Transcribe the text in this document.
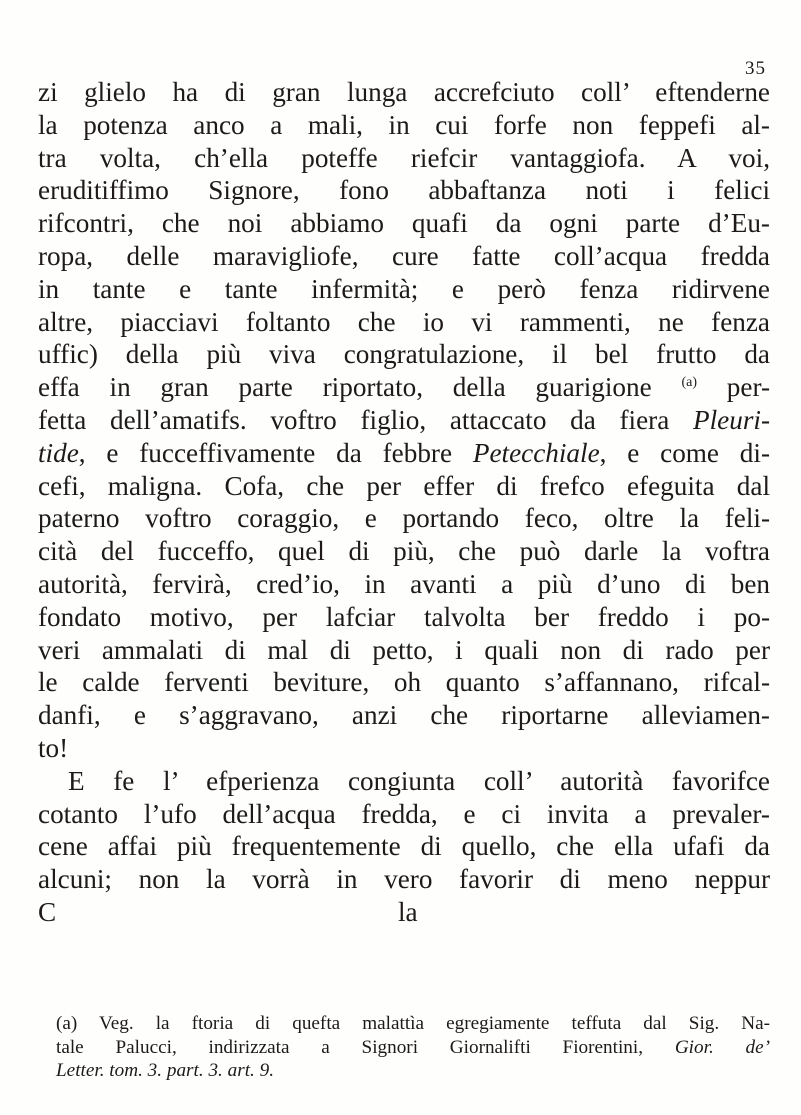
35
zi glielo ha di gran lunga accrefciuto coll’ eftenderne
la potenza anco a mali, in cui forfe non feppefi al-
tra volta, ch’ella poteffe riefcir vantaggiofa. A voi,
eruditiffimo Signore, fono abbaftanza noti i felici
rifcontri, che noi abbiamo quafi da ogni parte d’Eu-
ropa, delle maravigliofe, cure fatte coll’acqua fredda
in tante e tante infermità; e però fenza ridirvene
altre, piacciavi foltanto che io vi rammenti, ne fenza
uffic) della più viva congratulazione, il bel frutto da
effa in gran parte riportato, della guarigione $^{(a)}$ per-
fetta dell’amatifs. voftro figlio, attaccato da fiera Pleuri-
tide, e fucceffivamente da febbre Petecchiale, e come di-
cefi, maligna. Cofa, che per effer di frefco efeguita dal
paterno voftro coraggio, e portando feco, oltre la feli-
cità del fucceffo, quel di più, che può darle la voftra
autorità, fervirà, cred’io, in avanti a più d’uno di ben
fondato motivo, per lafciar talvolta ber freddo i po-
veri ammalati di mal di petto, i quali non di rado per
le calde ferventi beviture, oh quanto s’affannano, rifcal-
danfi, e s’aggravano, anzi che riportarne alleviamen-
to!
E fe l’ efperienza congiunta coll’ autorità favorifce
cotanto l’ufo dell’acqua fredda, e ci invita a prevaler-
cene affai più frequentemente di quello, che ella ufafi da
alcuni; non la vorrà in vero favorir di meno neppur
C	la
(a) Veg. la ftoria di quefta malattìa egregiamente teffuta dal Sig. Na-
tale Palucci, indirizzata a Signori Giornalifti Fiorentini, Gior. de’
Letter. tom. 3. part. 3. art. 9.
